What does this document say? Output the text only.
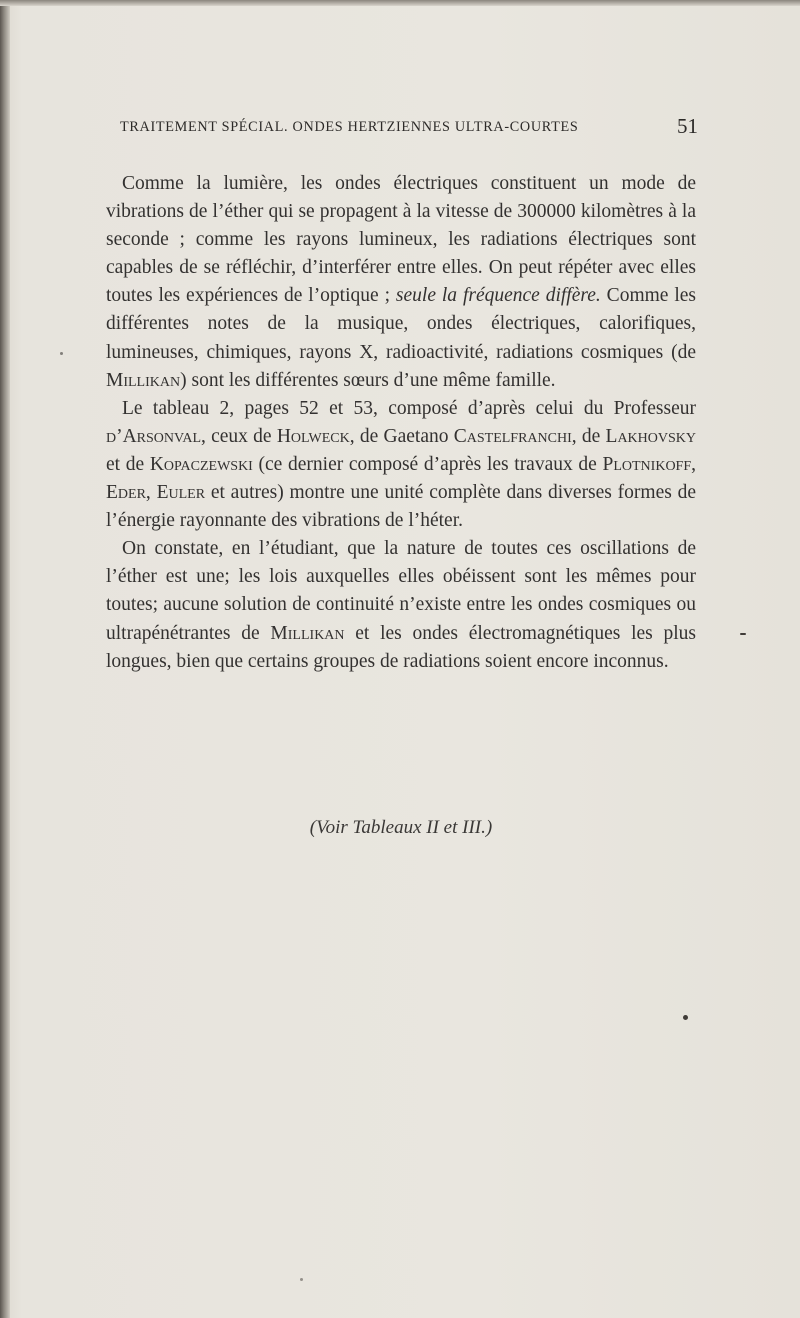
TRAITEMENT SPÉCIAL. ONDES HERTZIENNES ULTRA-COURTES	51

Comme la lumière, les ondes électriques constituent un mode de vibrations de l’éther qui se propagent à la vitesse de 300000 kilomètres à la seconde ; comme les rayons lumineux, les radiations électriques sont capables de se réfléchir, d’interférer entre elles. On peut répéter avec elles toutes les expériences de l’optique ; seule la fréquence diffère. Comme les différentes notes de la musique, ondes électriques, calorifiques, lumineuses, chimiques, rayons X, radioactivité, radiations cosmiques (de Millikan) sont les différentes sœurs d’une même famille.

Le tableau 2, pages 52 et 53, composé d’après celui du Professeur d’Arsonval, ceux de Holweck, de Gaetano Castelfranchi, de Lakhovsky et de Kopaczewski (ce dernier composé d’après les travaux de Plotnikoff, Eder, Euler et autres) montre une unité complète dans diverses formes de l’énergie rayonnante des vibrations de l’héter.

On constate, en l’étudiant, que la nature de toutes ces oscillations de l’éther est une; les lois auxquelles elles obéissent sont les mêmes pour toutes; aucune solution de continuité n’existe entre les ondes cosmiques ou ultrapénétrantes de Millikan et les ondes électromagnétiques les plus longues, bien que certains groupes de radiations soient encore inconnus.

(Voir Tableaux II et III.)
